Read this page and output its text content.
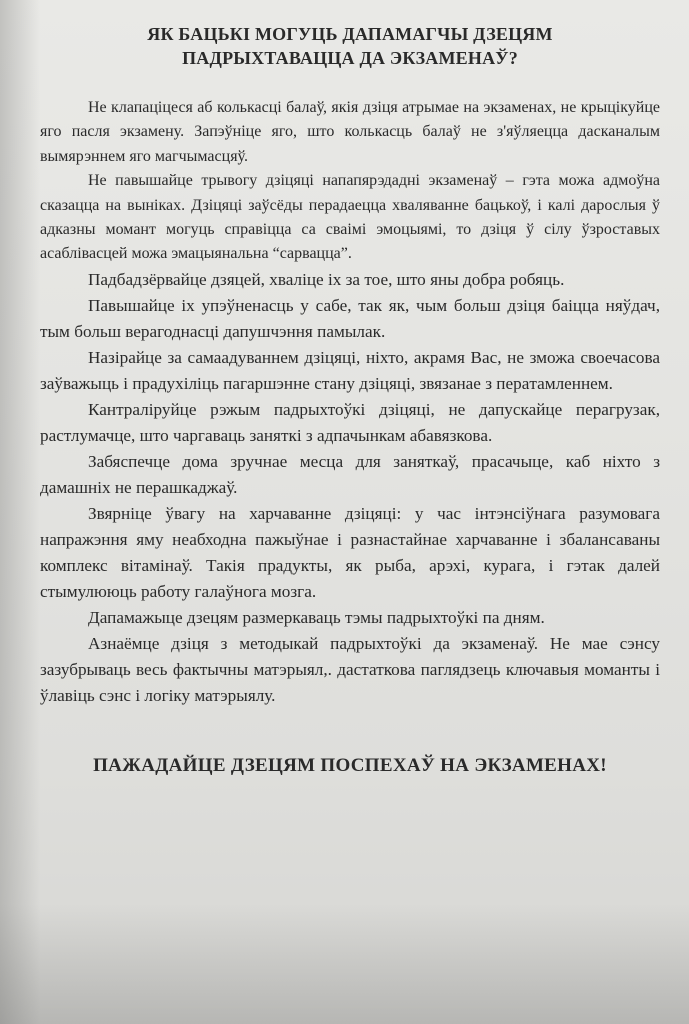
ЯК БАЦЬКІ МОГУЦЬ ДАПАМАГЧЫ ДЗЕЦЯМ
ПАДРЫХТАВАЦЦА ДА ЭКЗАМЕНАЎ?

Не клапаціцеся аб колькасці балаў, якія дзіця атрымае на экзаменах, не крыцікуйце яго пасля экзамену. Запэўніце яго, што колькасць балаў не з'яўляецца дасканалым вымярэннем яго магчымасцяў.

Не павышайце трывогу дзіцяці напапярэдадні экзаменаў – гэта можа адмоўна сказацца на выніках. Дзіцяці заўсёды перадаецца хваляванне бацькоў, і калі дарослыя ў адказны момант могуць справіцца са сваімі эмоцыямі, то дзіця ў сілу ўзроставых асаблівасцей можа эмацыянальна “сарвацца”.

Падбадзёрвайце дзяцей, хваліце іх за тое, што яны добра робяць.

Павышайце іх упэўненасць у сабе, так як, чым больш дзіця баіцца няўдач, тым больш верагоднасці дапушчэння памылак.

Назірайце за самаадуваннем дзіцяці, ніхто, акрамя Вас, не зможа своечасова заўважыць і прадухіліць пагаршэнне стану дзіцяці, звязанае з перaтамленнем.

Кантраліруйце рэжым падрыхтоўкі дзіцяці, не дапускайце перагрузак, растлумачце, што чаргаваць заняткі з адпачынкам абавязкова.

Забяспечце дома зручнае месца для заняткаў, прасачыце, каб ніхто з дамашніх не перашкаджаў.

Звярніце ўвагу на харчаванне дзіцяці: у час інтэнсіўнага разумовага напражэння яму неабходна пажыўнае і разнастайнае харчаванне і збалансаваны комплекс вітамінаў. Такія прадукты, як рыба, арэхі, курага, і гэтак далей стымулююць работу галаўнога мозга.

Дапамажыце дзецям размеркаваць тэмы падрыхтоўкі па дням.

Азнаёмце дзіця з методыкай падрыхтоўкі да экзаменаў. Не мае сэнсу зазубрываць весь фактычны матэрыял,. дастаткова паглядзець ключавыя моманты і ўлавіць сэнс і логіку матэрыялу.

ПАЖАДАЙЦЕ ДЗЕЦЯМ ПОСПЕХАЎ НА ЭКЗАМЕНАХ!
